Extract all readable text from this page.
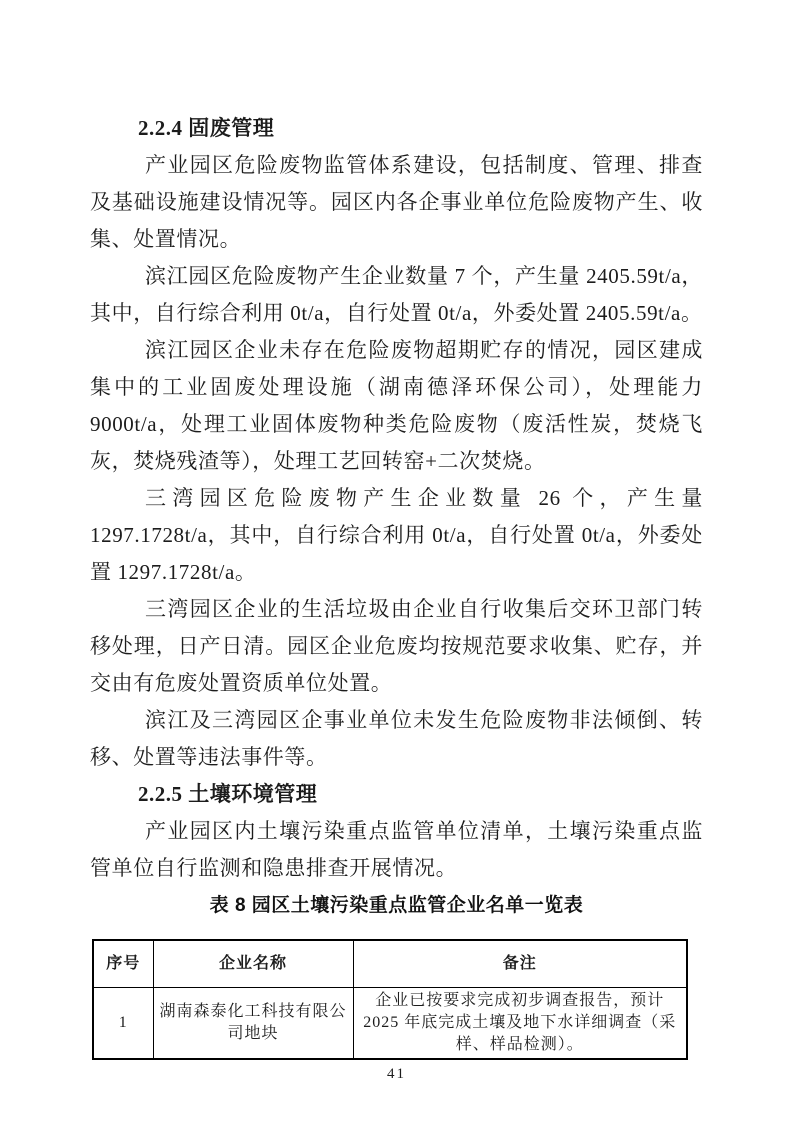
2.2.4 固废管理

产业园区危险废物监管体系建设，包括制度、管理、排查及基础设施建设情况等。园区内各企事业单位危险废物产生、收集、处置情况。

滨江园区危险废物产生企业数量 7 个，产生量 2405.59t/a，其中，自行综合利用 0t/a，自行处置 0t/a，外委处置 2405.59t/a。

滨江园区企业未存在危险废物超期贮存的情况，园区建成集中的工业固废处理设施（湖南德泽环保公司），处理能力 9000t/a，处理工业固体废物种类危险废物（废活性炭，焚烧飞灰，焚烧残渣等），处理工艺回转窑+二次焚烧。

三湾园区危险废物产生企业数量 26 个，产生量 1297.1728t/a，其中，自行综合利用 0t/a，自行处置 0t/a，外委处置 1297.1728t/a。

三湾园区企业的生活垃圾由企业自行收集后交环卫部门转移处理，日产日清。园区企业危废均按规范要求收集、贮存，并交由有危废处置资质单位处置。

滨江及三湾园区企事业单位未发生危险废物非法倾倒、转移、处置等违法事件等。

2.2.5 土壤环境管理

产业园区内土壤污染重点监管单位清单，土壤污染重点监管单位自行监测和隐患排查开展情况。

表 8 园区土壤污染重点监管企业名单一览表
序号	企业名称	备注
1	湖南森泰化工科技有限公司地块	企业已按要求完成初步调查报告，预计 2025 年底完成土壤及地下水详细调查（采样、样品检测）。
41
